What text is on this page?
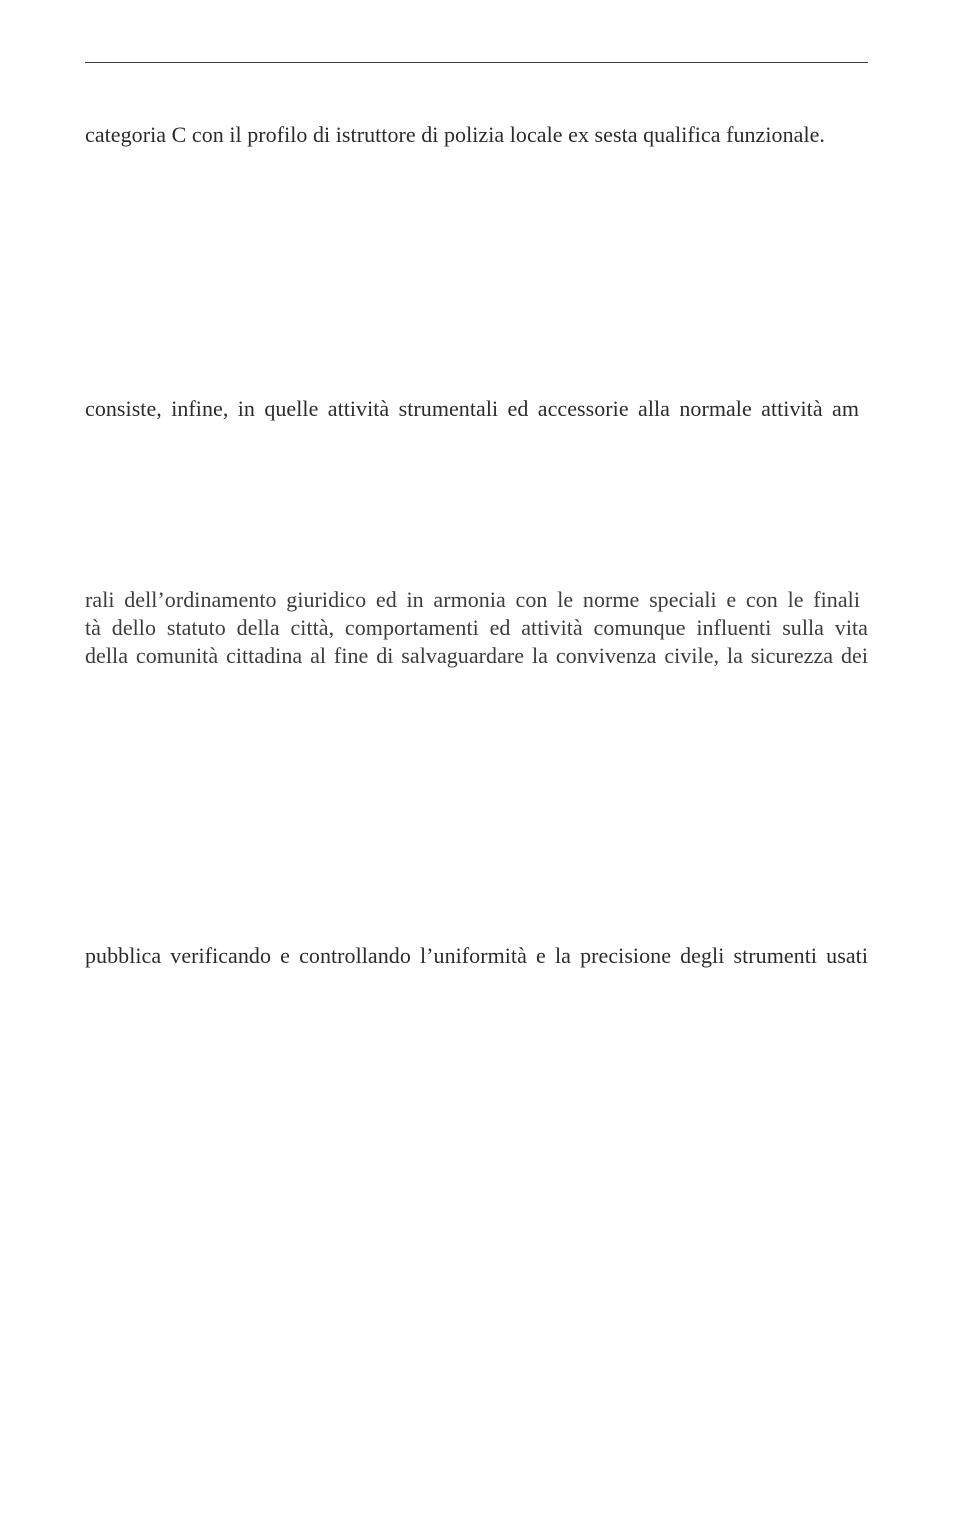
categoria C con il profilo di istruttore di polizia locale ex sesta qualifica funzionale.
consiste, infine, in quelle attività strumentali ed accessorie alla normale attività am
rali dell’ordinamento giuridico ed in armonia con le norme speciali e con le finali
tà dello statuto della città, comportamenti ed attività comunque influenti sulla vita
della comunità cittadina al fine di salvaguardare la convivenza civile, la sicurezza dei
pubblica verificando e controllando l’uniformità e la precisione degli strumenti usati
